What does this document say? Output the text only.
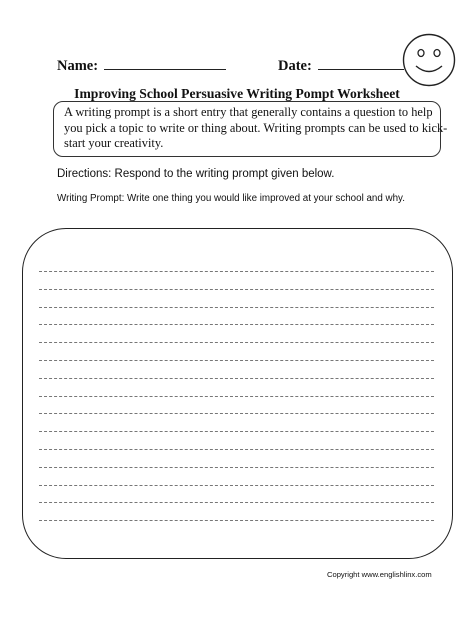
Name:	Date:
Improving School Persuasive Writing Pompt Worksheet
A writing prompt is a short entry that generally contains a question to help
you pick a topic to write or thing about. Writing prompts can be used to kick-
start your creativity.
Directions: Respond to the writing prompt given below.
Writing Prompt: Write one thing you would like improved at your school and why.
Copyright www.englishlinx.com
